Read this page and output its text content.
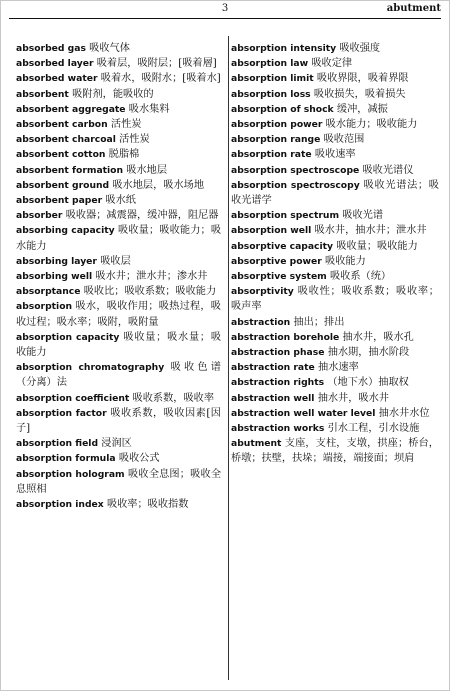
3	abutment
absorbed gas 吸收气体
absorbed layer 吸着层，吸附层；[吸着層]
absorbed water 吸着水，吸附水；[吸着水]
absorbent 吸附剂，能吸收的
absorbent aggregate 吸水集料
absorbent carbon 活性炭
absorbent charcoal 活性炭
absorbent cotton 脱脂棉
absorbent formation 吸水地层
absorbent ground 吸水地层，吸水场地
absorbent paper 吸水纸
absorber 吸收器；减震器，缓冲器，阻尼器
absorbing capacity 吸收量；吸收能力；吸水能力
absorbing layer 吸收层
absorbing well 吸水井；泄水井；渗水井
absorptance 吸收比；吸收系数；吸收能力
absorption 吸水，吸收作用；吸热过程，吸收过程；吸水率；吸附，吸附量
absorption capacity 吸收量；吸水量；吸收能力
absorption chromatography 吸收色谱（分离）法
absorption coefficient 吸收系数，吸收率
absorption factor 吸收系数，吸收因素[因子]
absorption field 浸润区
absorption formula 吸收公式
absorption hologram 吸收全息图；吸收全息照相
absorption index 吸收率；吸收指数
absorption intensity 吸收强度
absorption law 吸收定律
absorption limit 吸收界限，吸着界限
absorption loss 吸收损失，吸着损失
absorption of shock 缓冲，减振
absorption power 吸水能力；吸收能力
absorption range 吸收范围
absorption rate 吸收速率
absorption spectroscope 吸收光谱仪
absorption spectroscopy 吸收光谱法；吸收光谱学
absorption spectrum 吸收光谱
absorption well 吸水井，抽水井；泄水井
absorptive capacity 吸收量；吸收能力
absorptive power 吸收能力
absorptive system 吸收系（统）
absorptivity 吸收性；吸收系数；吸收率；吸声率
abstraction 抽出；排出
abstraction borehole 抽水井，吸水孔
abstraction phase 抽水期，抽水阶段
abstraction rate 抽水速率
abstraction rights （地下水）抽取权
abstraction well 抽水井，吸水井
abstraction well water level 抽水井水位
abstraction works 引水工程，引水设施
abutment 支座，支柱，支墩，拱座；桥台，桥墩；扶壁，扶垛；端接，端接面；坝肩
